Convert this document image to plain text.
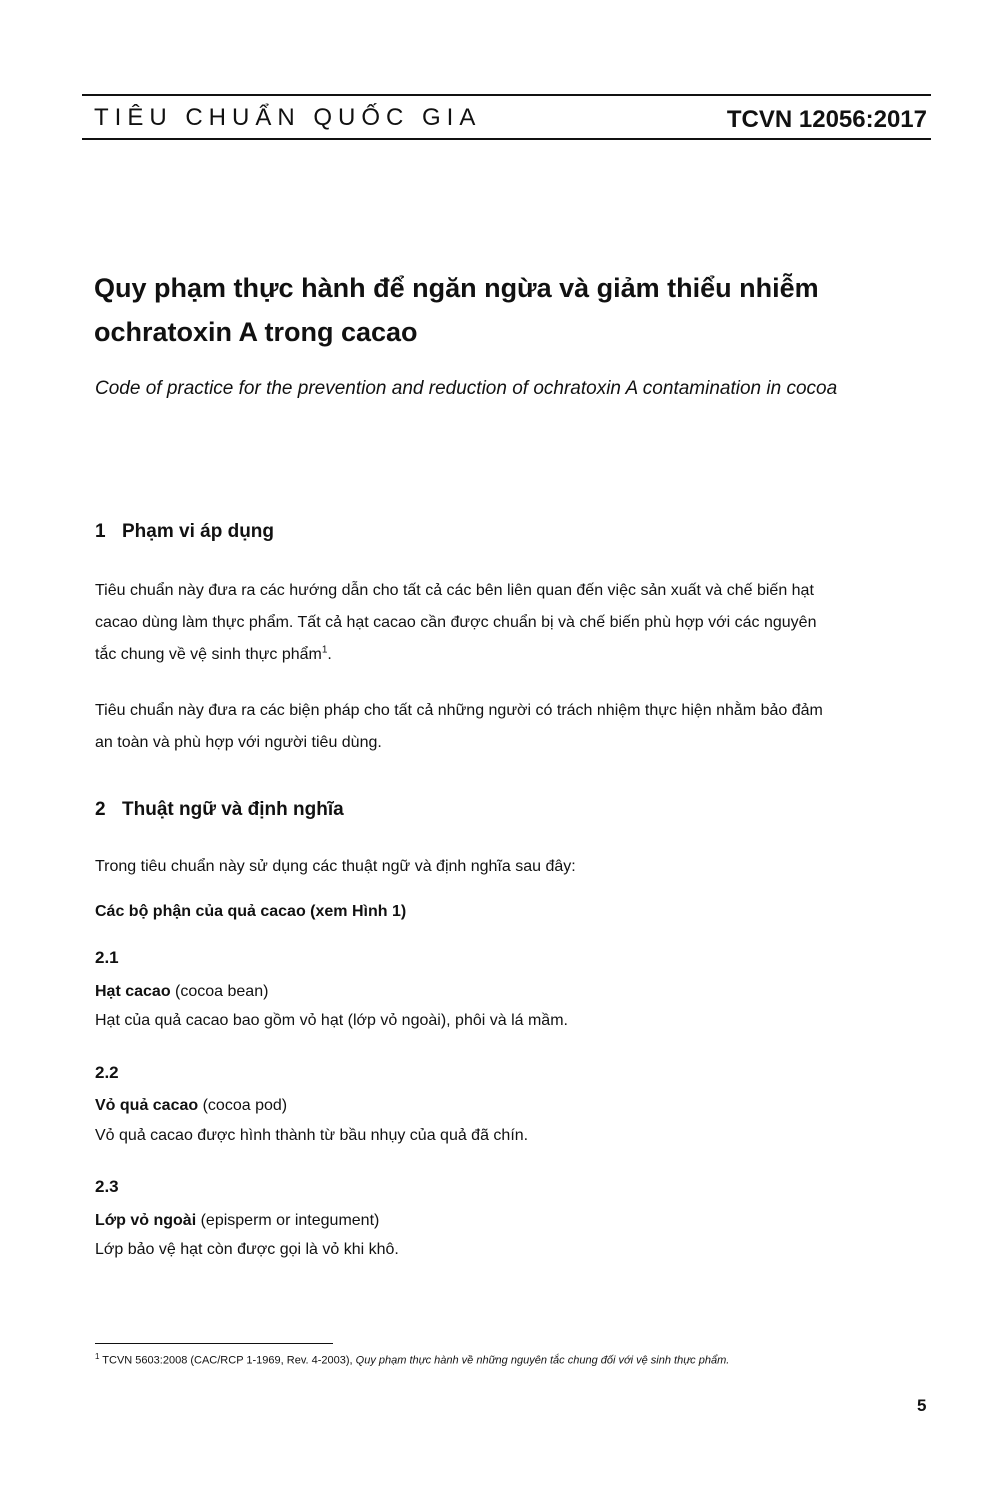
TIÊU CHUẨN QUỐC GIA	TCVN 12056:2017
Quy phạm thực hành để ngăn ngừa và giảm thiểu nhiễm
ochratoxin A trong cacao
Code of practice for the prevention and reduction of ochratoxin A contamination in cocoa
1 Phạm vi áp dụng
Tiêu chuẩn này đưa ra các hướng dẫn cho tất cả các bên liên quan đến việc sản xuất và chế biến hạt
cacao dùng làm thực phẩm. Tất cả hạt cacao cần được chuẩn bị và chế biến phù hợp với các nguyên
tắc chung về vệ sinh thực phẩm$^1$.
Tiêu chuẩn này đưa ra các biện pháp cho tất cả những người có trách nhiệm thực hiện nhằm bảo đảm
an toàn và phù hợp với người tiêu dùng.
2 Thuật ngữ và định nghĩa
Trong tiêu chuẩn này sử dụng các thuật ngữ và định nghĩa sau đây:
Các bộ phận của quả cacao (xem Hình 1)
2.1
Hạt cacao (cocoa bean)
Hạt của quả cacao bao gồm vỏ hạt (lớp vỏ ngoài), phôi và lá mầm.
2.2
Vỏ quả cacao (cocoa pod)
Vỏ quả cacao được hình thành từ bầu nhụy của quả đã chín.
2.3
Lớp vỏ ngoài (episperm or integument)
Lớp bảo vệ hạt còn được gọi là vỏ khi khô.
$^1$ TCVN 5603:2008 (CAC/RCP 1-1969, Rev. 4-2003), Quy phạm thực hành về những nguyên tắc chung đối với vệ sinh thực phẩm.
5
